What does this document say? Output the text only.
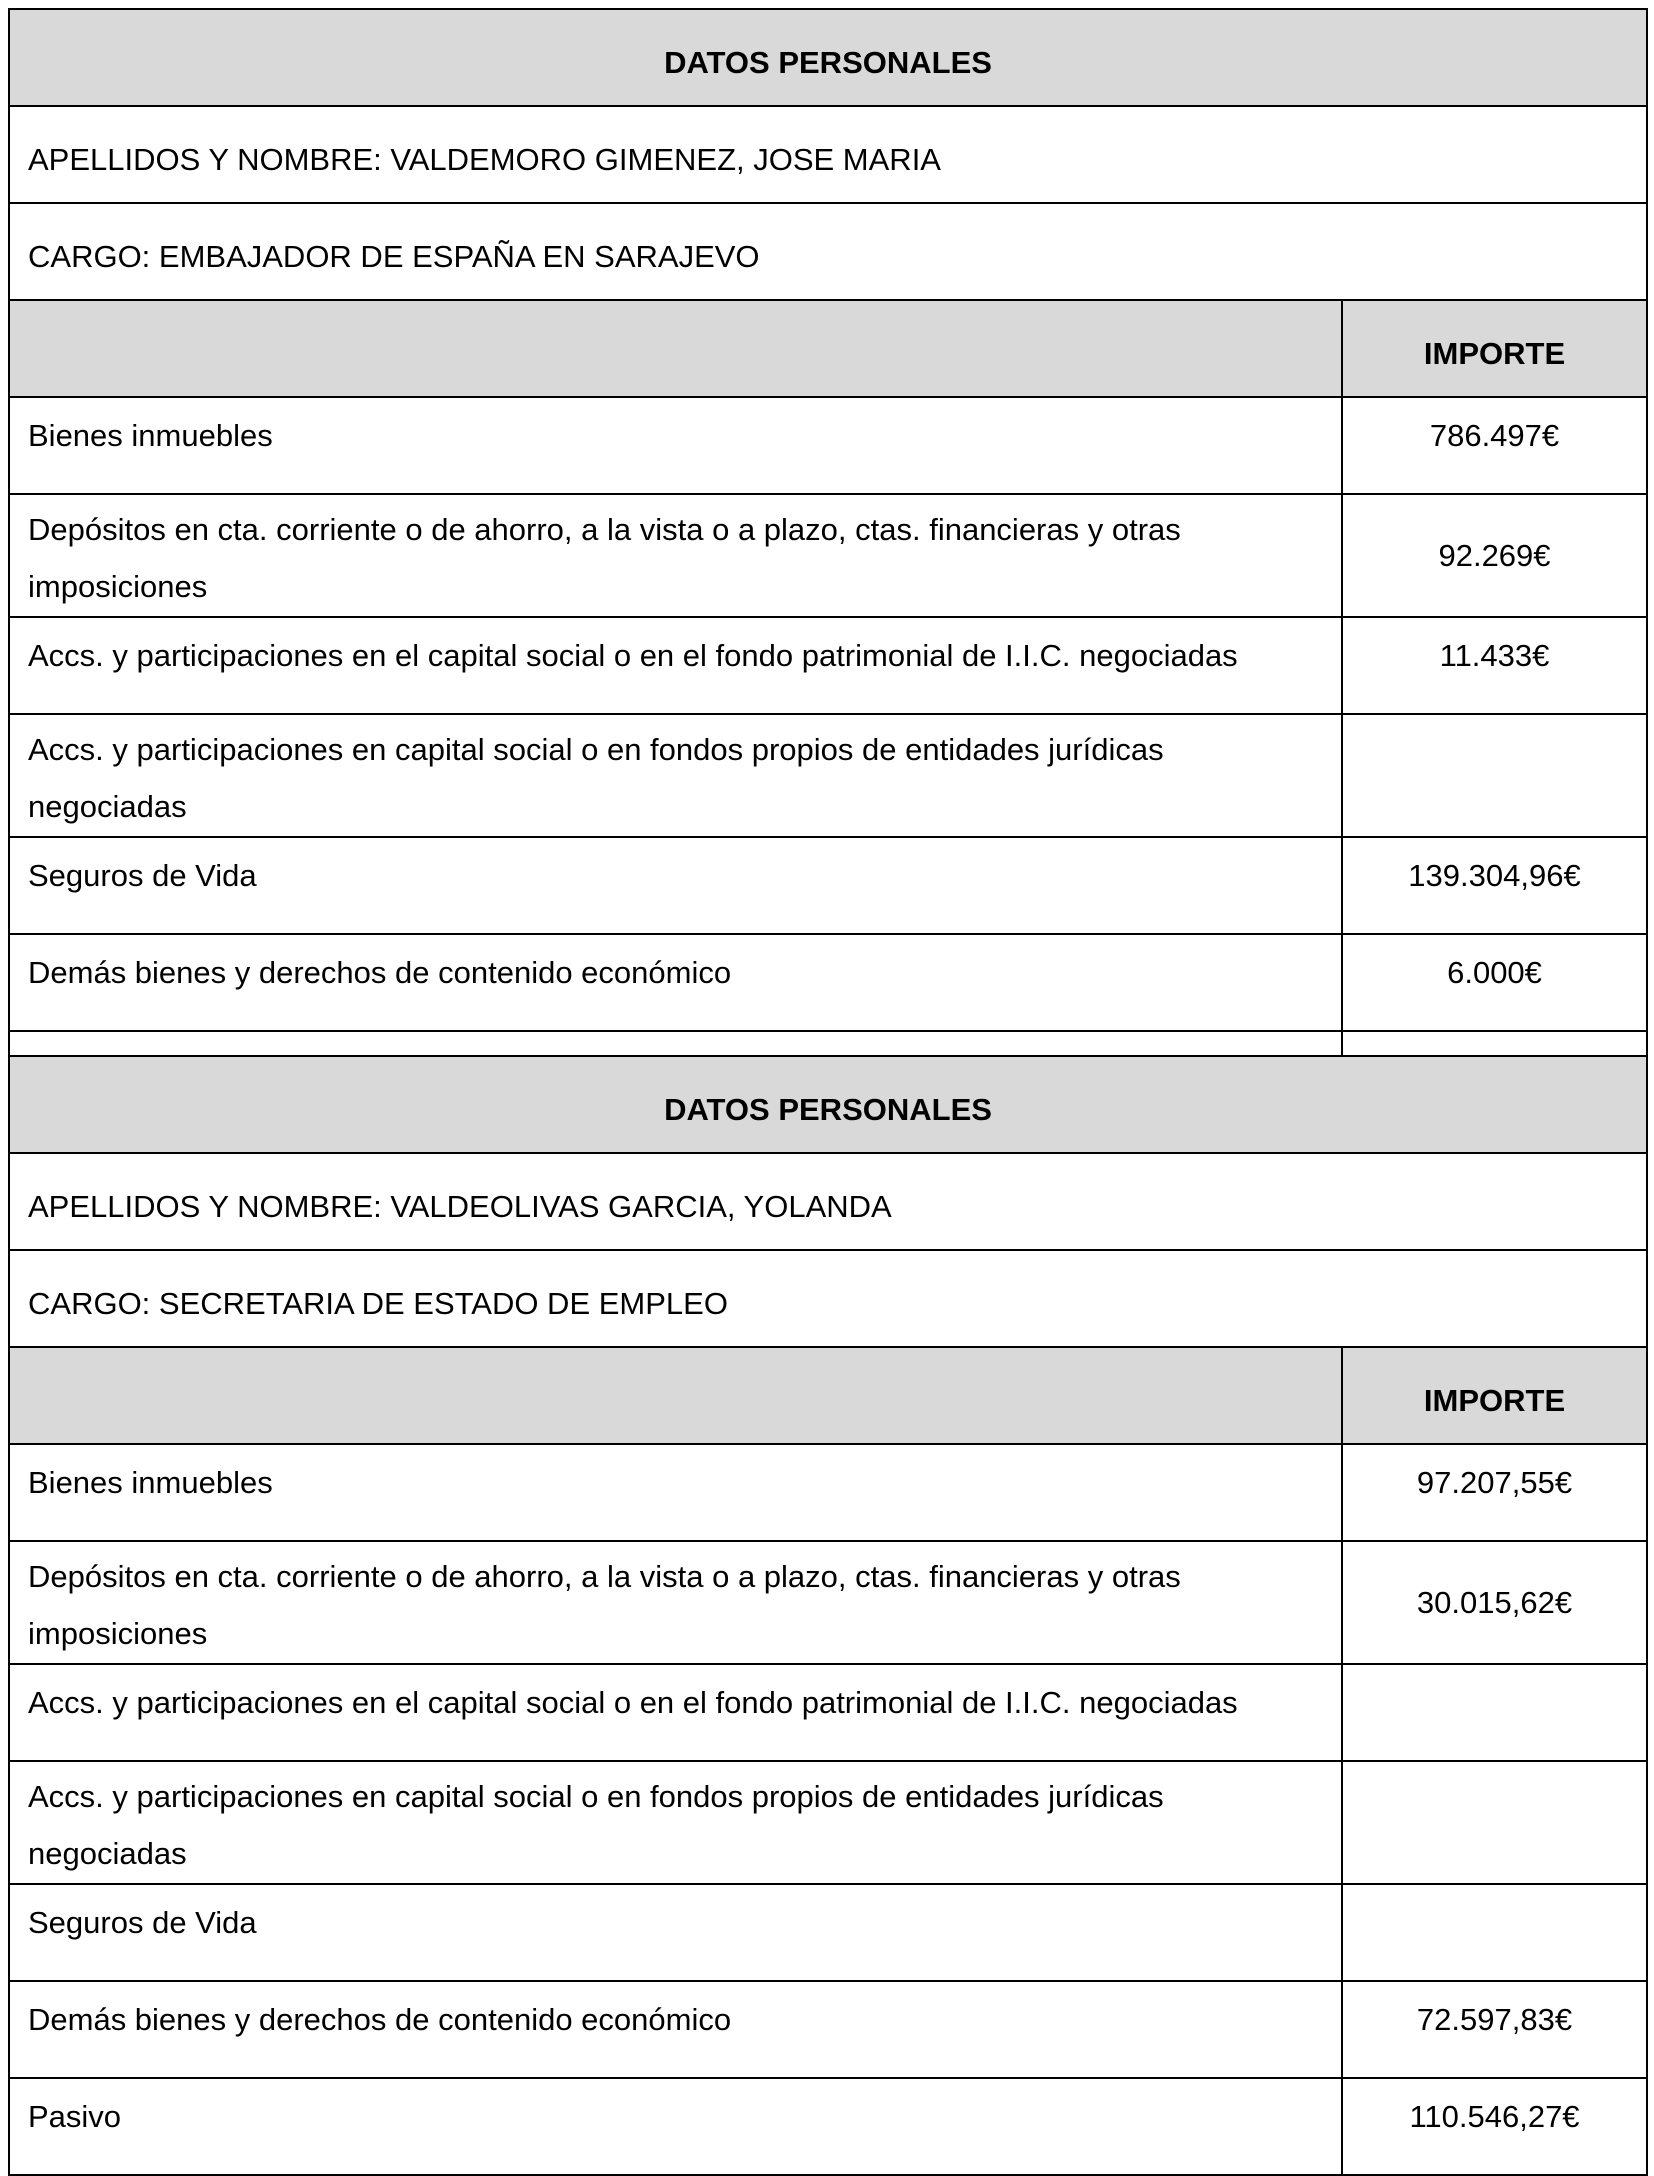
DATOS PERSONALES	
APELLIDOS Y NOMBRE: VALDEMORO GIMENEZ, JOSE MARIA	
CARGO: EMBAJADOR DE ESPAÑA EN SARAJEVO	
	IMPORTE
Bienes inmuebles	786.497€
Depósitos en cta. corriente o de ahorro, a la vista o a plazo, ctas. financieras y otras imposiciones	92.269€
Accs. y participaciones en el capital social o en el fondo patrimonial de I.I.C. negociadas	11.433€
Accs. y participaciones en capital social o en fondos propios de entidades jurídicas negociadas	
Seguros de Vida	139.304,96€
Demás bienes y derechos de contenido económico	6.000€

DATOS PERSONALES	
APELLIDOS Y NOMBRE: VALDEOLIVAS GARCIA, YOLANDA	
CARGO: SECRETARIA DE ESTADO DE EMPLEO	
	IMPORTE
Bienes inmuebles	97.207,55€
Depósitos en cta. corriente o de ahorro, a la vista o a plazo, ctas. financieras y otras imposiciones	30.015,62€
Accs. y participaciones en el capital social o en el fondo patrimonial de I.I.C. negociadas	
Accs. y participaciones en capital social o en fondos propios de entidades jurídicas negociadas	
Seguros de Vida	
Demás bienes y derechos de contenido económico	72.597,83€
Pasivo	110.546,27€
